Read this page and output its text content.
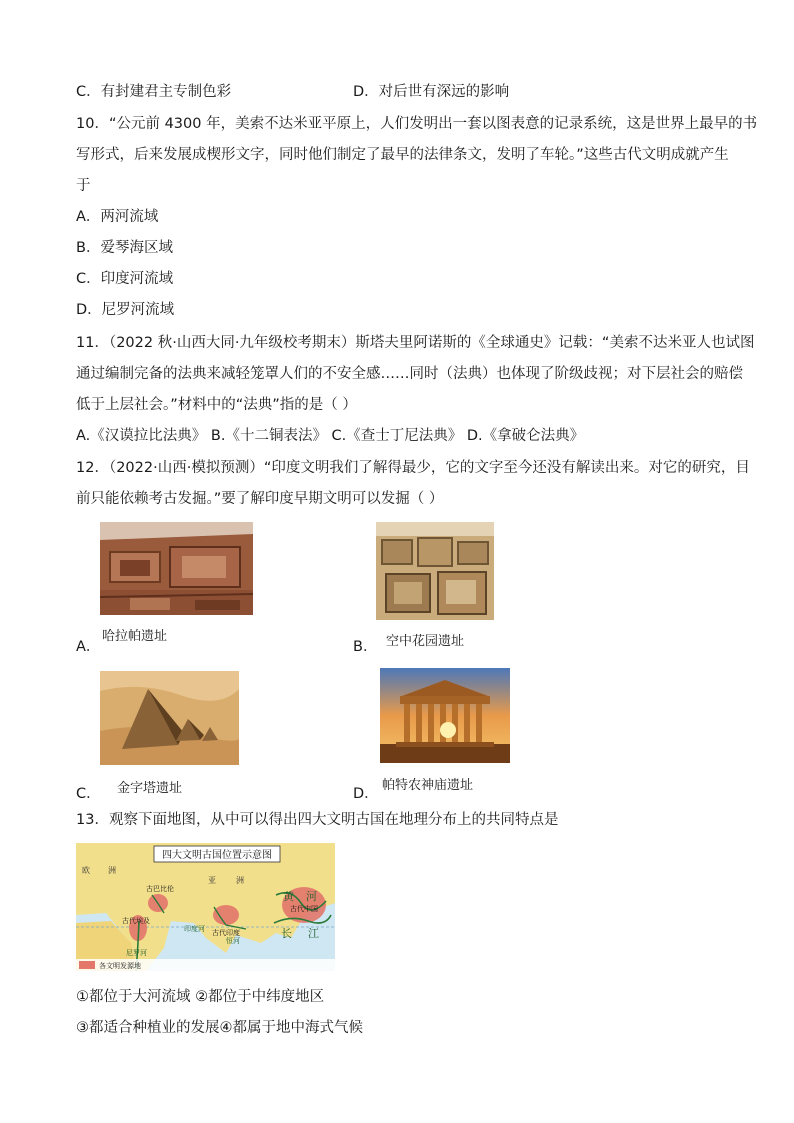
C．有封建君主专制色彩	D．对后世有深远的影响
10．“公元前 4300 年，美索不达米亚平原上，人们发明出一套以图表意的记录系统，这是世界上最早的书
写形式，后来发展成楔形文字，同时他们制定了最早的法律条文，发明了车轮。”这些古代文明成就产生
于
A．两河流域
B．爱琴海区域
C．印度河流域
D．尼罗河流域
11．（2022 秋·山西大同·九年级校考期末）斯塔夫里阿诺斯的《全球通史》记载：“美索不达米亚人也试图
通过编制完备的法典来减轻笼罩人们的不安全感……同时（法典）也体现了阶级歧视；对下层社会的赔偿
低于上层社会。”材料中的“法典”指的是（ ）
A.《汉谟拉比法典》 B.《十二铜表法》 C.《查士丁尼法典》 D.《拿破仑法典》
12．（2022·山西·模拟预测）“印度文明我们了解得最少，它的文字至今还没有解读出来。对它的研究，目
前只能依赖考古发掘。”要了解印度早期文明可以发掘（ ）
A．
哈拉帕遗址
B． 空中花园遗址
C． 金字塔遗址	D．
帕特农神庙遗址
13．观察下面地图，从中可以得出四大文明古国在地理分布上的共同特点是
四大文明古国位置示意图
欧 洲
亚	洲
黄 河
长 江
古代中国
古代印度
恒河
印度河
古巴比伦
古代埃及
尼罗河
各文明发源地
①都位于大河流域 ②都位于中纬度地区
③都适合种植业的发展④都属于地中海式气候
